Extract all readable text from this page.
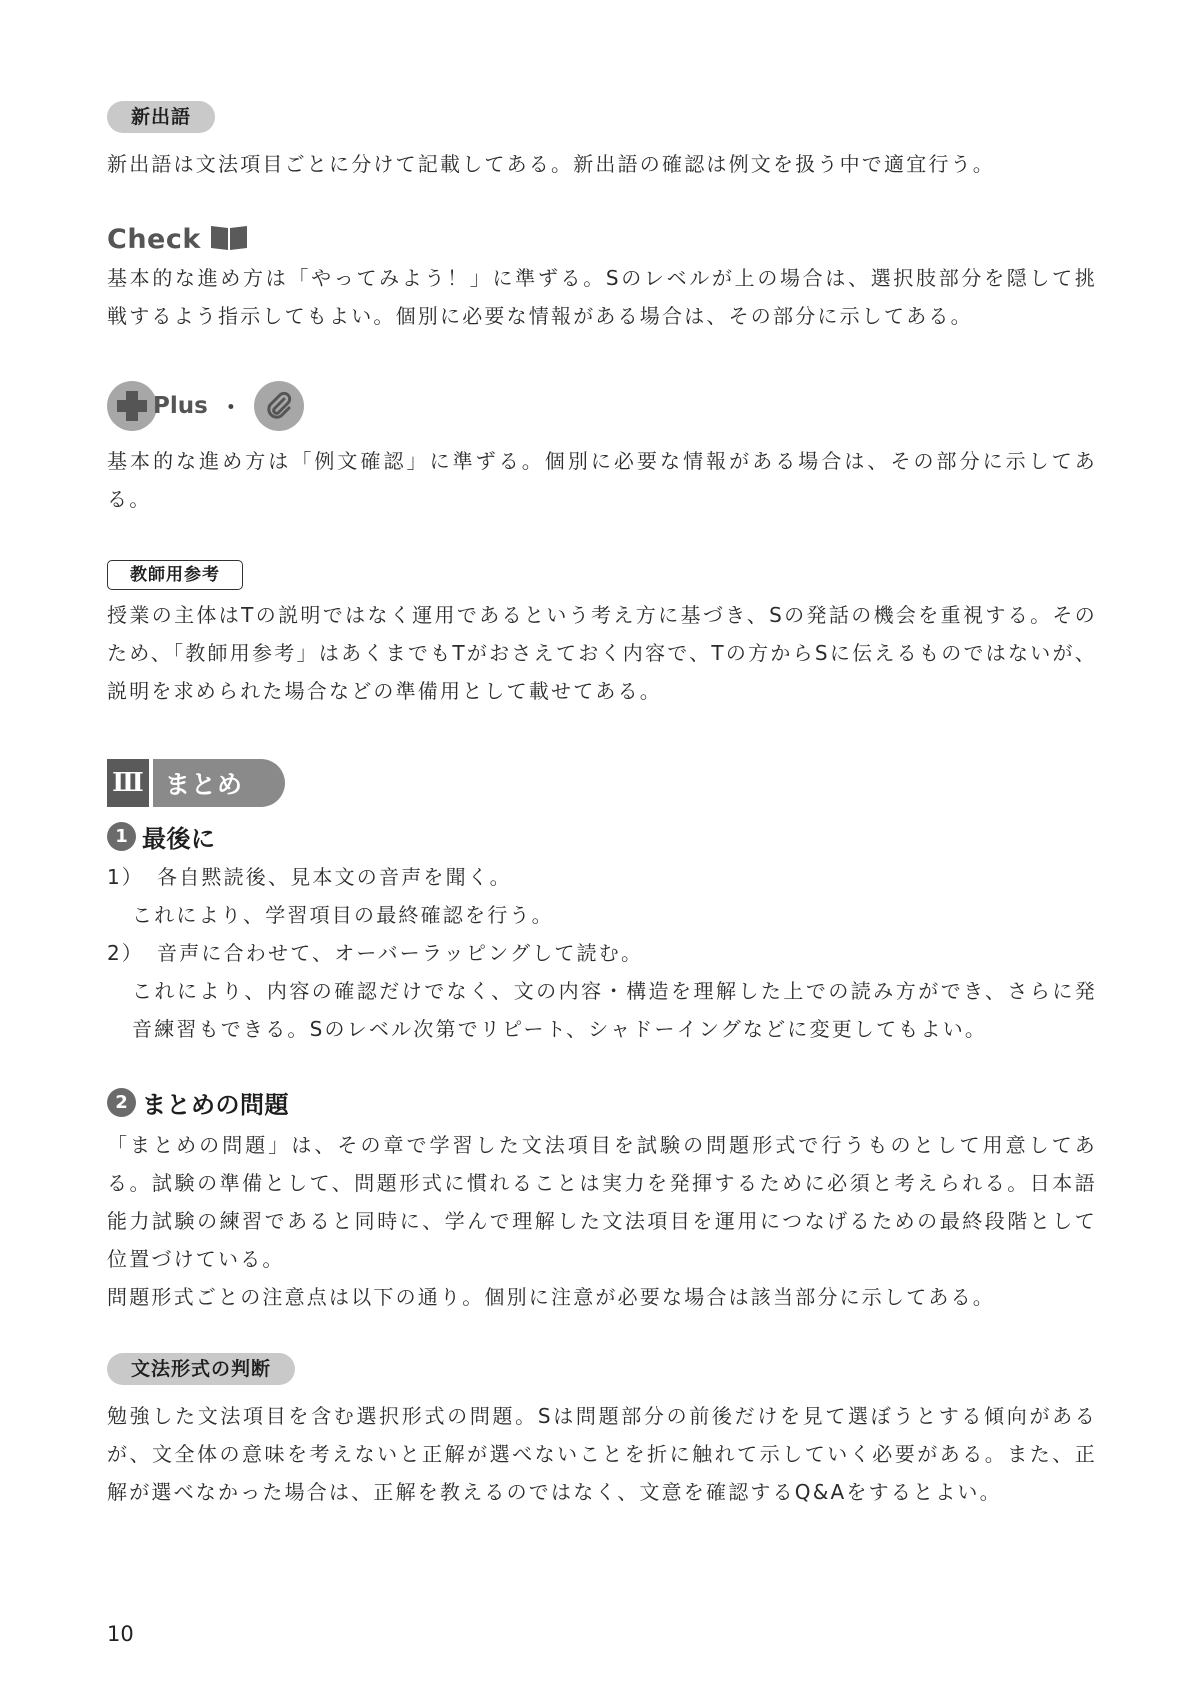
新出語

新出語は文法項目ごとに分けて記載してある。新出語の確認は例文を扱う中で適宜行う。

Check

基本的な進め方は「やってみよう！」に準ずる。Sのレベルが上の場合は、選択肢部分を隠して挑戦するよう指示してもよい。個別に必要な情報がある場合は、その部分に示してある。

Plus ・

基本的な進め方は「例文確認」に準ずる。個別に必要な情報がある場合は、その部分に示してある。

教師用参考

授業の主体はTの説明ではなく運用であるという考え方に基づき、Sの発話の機会を重視する。そのため、「教師用参考」はあくまでもTがおさえておく内容で、Tの方からSに伝えるものではないが、説明を求められた場合などの準備用として載せてある。

Ⅲ まとめ
1 最後に
1） 各自黙読後、見本文の音声を聞く。

これにより、学習項目の最終確認を行う。

2） 音声に合わせて、オーバーラッピングして読む。

これにより、内容の確認だけでなく、文の内容・構造を理解した上での読み方ができ、さらに発音練習もできる。Sのレベル次第でリピート、シャドーイングなどに変更してもよい。

2 まとめの問題

「まとめの問題」は、その章で学習した文法項目を試験の問題形式で行うものとして用意してある。試験の準備として、問題形式に慣れることは実力を発揮するために必須と考えられる。日本語能力試験の練習であると同時に、学んで理解した文法項目を運用につなげるための最終段階として位置づけている。

問題形式ごとの注意点は以下の通り。個別に注意が必要な場合は該当部分に示してある。

文法形式の判断

勉強した文法項目を含む選択形式の問題。Sは問題部分の前後だけを見て選ぼうとする傾向があるが、文全体の意味を考えないと正解が選べないことを折に触れて示していく必要がある。また、正解が選べなかった場合は、正解を教えるのではなく、文意を確認するQ&Aをするとよい。

10
